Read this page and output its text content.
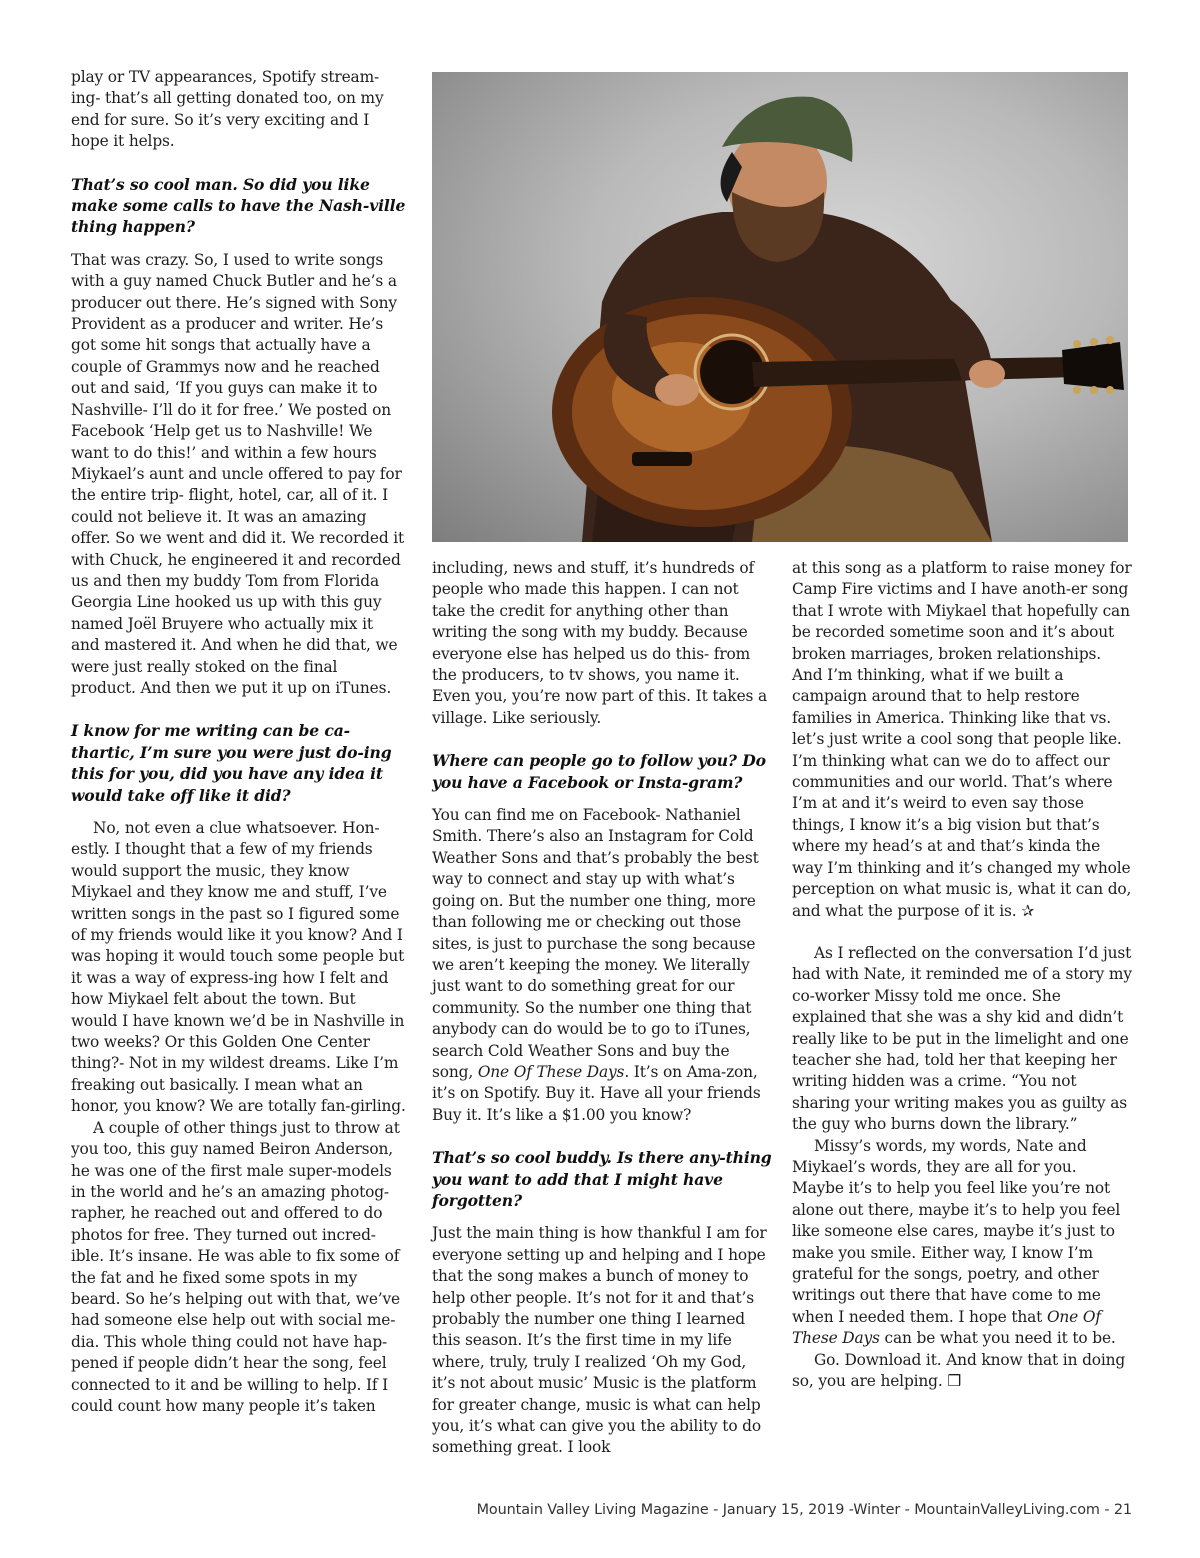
play or TV appearances, Spotify stream-ing- that’s all getting donated too, on my end for sure. So it’s very exciting and I hope it helps.

That’s so cool man. So did you like make some calls to have the Nash-ville thing happen?

That was crazy. So, I used to write songs with a guy named Chuck Butler and he’s a producer out there. He’s signed with Sony Provident as a producer and writer. He’s got some hit songs that actually have a couple of Grammys now and he reached out and said, ‘If you guys can make it to Nashville- I’ll do it for free.’ We posted on Facebook ‘Help get us to Nashville! We want to do this!’ and within a few hours Miykael’s aunt and uncle offered to pay for the entire trip- flight, hotel, car, all of it. I could not believe it. It was an amazing offer. So we went and did it. We recorded it with Chuck, he engineered it and recorded us and then my buddy Tom from Florida Georgia Line hooked us up with this guy named Joël Bruyere who actually mix it and mastered it. And when he did that, we were just really stoked on the final product. And then we put it up on iTunes.

I know for me writing can be ca-thartic, I’m sure you were just do-ing this for you, did you have any idea it would take off like it did?

No, not even a clue whatsoever. Hon-estly. I thought that a few of my friends would support the music, they know Miykael and they know me and stuff, I’ve written songs in the past so I figured some of my friends would like it you know? And I was hoping it would touch some people but it was a way of express-ing how I felt and how Miykael felt about the town. But would I have known we’d be in Nashville in two weeks? Or this Golden One Center thing?- Not in my wildest dreams. Like I’m freaking out basically. I mean what an honor, you know? We are totally fan-girling.

A couple of other things just to throw at you too, this guy named Beiron Anderson, he was one of the first male super-models in the world and he’s an amazing photog-rapher, he reached out and offered to do photos for free. They turned out incred-ible. It’s insane. He was able to fix some of the fat and he fixed some spots in my beard. So he’s helping out with that, we’ve had someone else help out with social me-dia. This whole thing could not have hap-pened if people didn’t hear the song, feel connected to it and be willing to help. If I could count how many people it’s taken

including, news and stuff, it’s hundreds of people who made this happen. I can not take the credit for anything other than writing the song with my buddy. Because everyone else has helped us do this- from the producers, to tv shows, you name it. Even you, you’re now part of this. It takes a village. Like seriously.

Where can people go to follow you? Do you have a Facebook or Insta-gram?

You can find me on Facebook- Nathaniel Smith. There’s also an Instagram for Cold Weather Sons and that’s probably the best way to connect and stay up with what’s going on. But the number one thing, more than following me or checking out those sites, is just to purchase the song because we aren’t keeping the money. We literally just want to do something great for our community. So the number one thing that anybody can do would be to go to iTunes, search Cold Weather Sons and buy the song, One Of These Days. It’s on Ama-zon, it’s on Spotify. Buy it. Have all your friends Buy it. It’s like a $1.00 you know?

That’s so cool buddy. Is there any-thing you want to add that I might have forgotten?

Just the main thing is how thankful I am for everyone setting up and helping and I hope that the song makes a bunch of money to help other people. It’s not for it and that’s probably the number one thing I learned this season. It’s the first time in my life where, truly, truly I realized ‘Oh my God, it’s not about music’ Music is the platform for greater change, music is what can help you, it’s what can give you the ability to do something great. I look

at this song as a platform to raise money for Camp Fire victims and I have anoth-er song that I wrote with Miykael that hopefully can be recorded sometime soon and it’s about broken marriages, broken relationships. And I’m thinking, what if we built a campaign around that to help restore families in America. Thinking like that vs. let’s just write a cool song that people like. I’m thinking what can we do to affect our communities and our world. That’s where I’m at and it’s weird to even say those things, I know it’s a big vision but that’s where my head’s at and that’s kinda the way I’m thinking and it’s changed my whole perception on what music is, what it can do, and what the purpose of it is. ✰

As I reflected on the conversation I’d just had with Nate, it reminded me of a story my co-worker Missy told me once. She explained that she was a shy kid and didn’t really like to be put in the limelight and one teacher she had, told her that keeping her writing hidden was a crime. “You not sharing your writing makes you as guilty as the guy who burns down the library.”

Missy’s words, my words, Nate and Miykael’s words, they are all for you. Maybe it’s to help you feel like you’re not alone out there, maybe it’s to help you feel like someone else cares, maybe it’s just to make you smile. Either way, I know I’m grateful for the songs, poetry, and other writings out there that have come to me when I needed them. I hope that One Of These Days can be what you need it to be.

Go. Download it. And know that in doing so, you are helping. ❒

Mountain Valley Living Magazine - January 15, 2019 -Winter - MountainValleyLiving.com - 21
